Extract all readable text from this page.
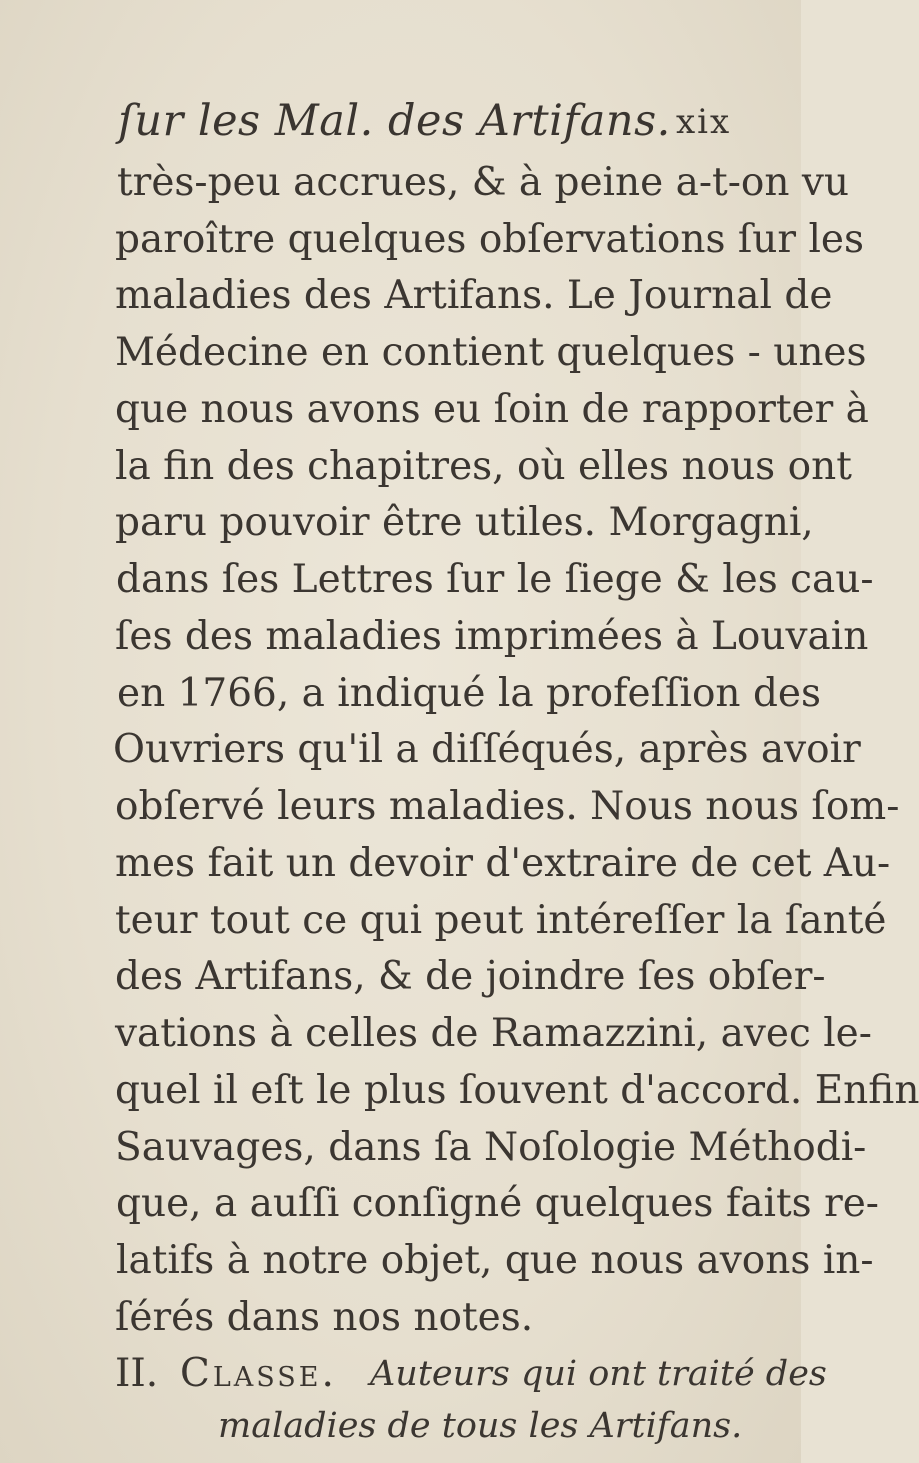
ſur les Mal. des Artifans. xix
très-peu accrues, & à peine a-t-on vu
paroître quelques obſervations ſur les
maladies des Artifans. Le Journal de
Médecine en contient quelques - unes
que nous avons eu ſoin de rapporter à
la fin des chapitres, où elles nous ont
paru pouvoir être utiles. Morgagni,
dans ſes Lettres ſur le ſiege & les cau-
ſes des maladies imprimées à Louvain
en 1766, a indiqué la profeſſion des
Ouvriers qu'il a diſſéqués, après avoir
obſervé leurs maladies. Nous nous ſom-
mes fait un devoir d'extraire de cet Au-
teur tout ce qui peut intéreſſer la ſanté
des Artifans, & de joindre ſes obſer-
vations à celles de Ramazzini, avec le-
quel il eſt le plus ſouvent d'accord. Enfin
Sauvages, dans ſa Noſologie Méthodi-
que, a auſſi conſigné quelques faits re-
latifs à notre objet, que nous avons in-
ſérés dans nos notes.
II. Classe. Auteurs qui ont traité des
maladies de tous les Artifans.
